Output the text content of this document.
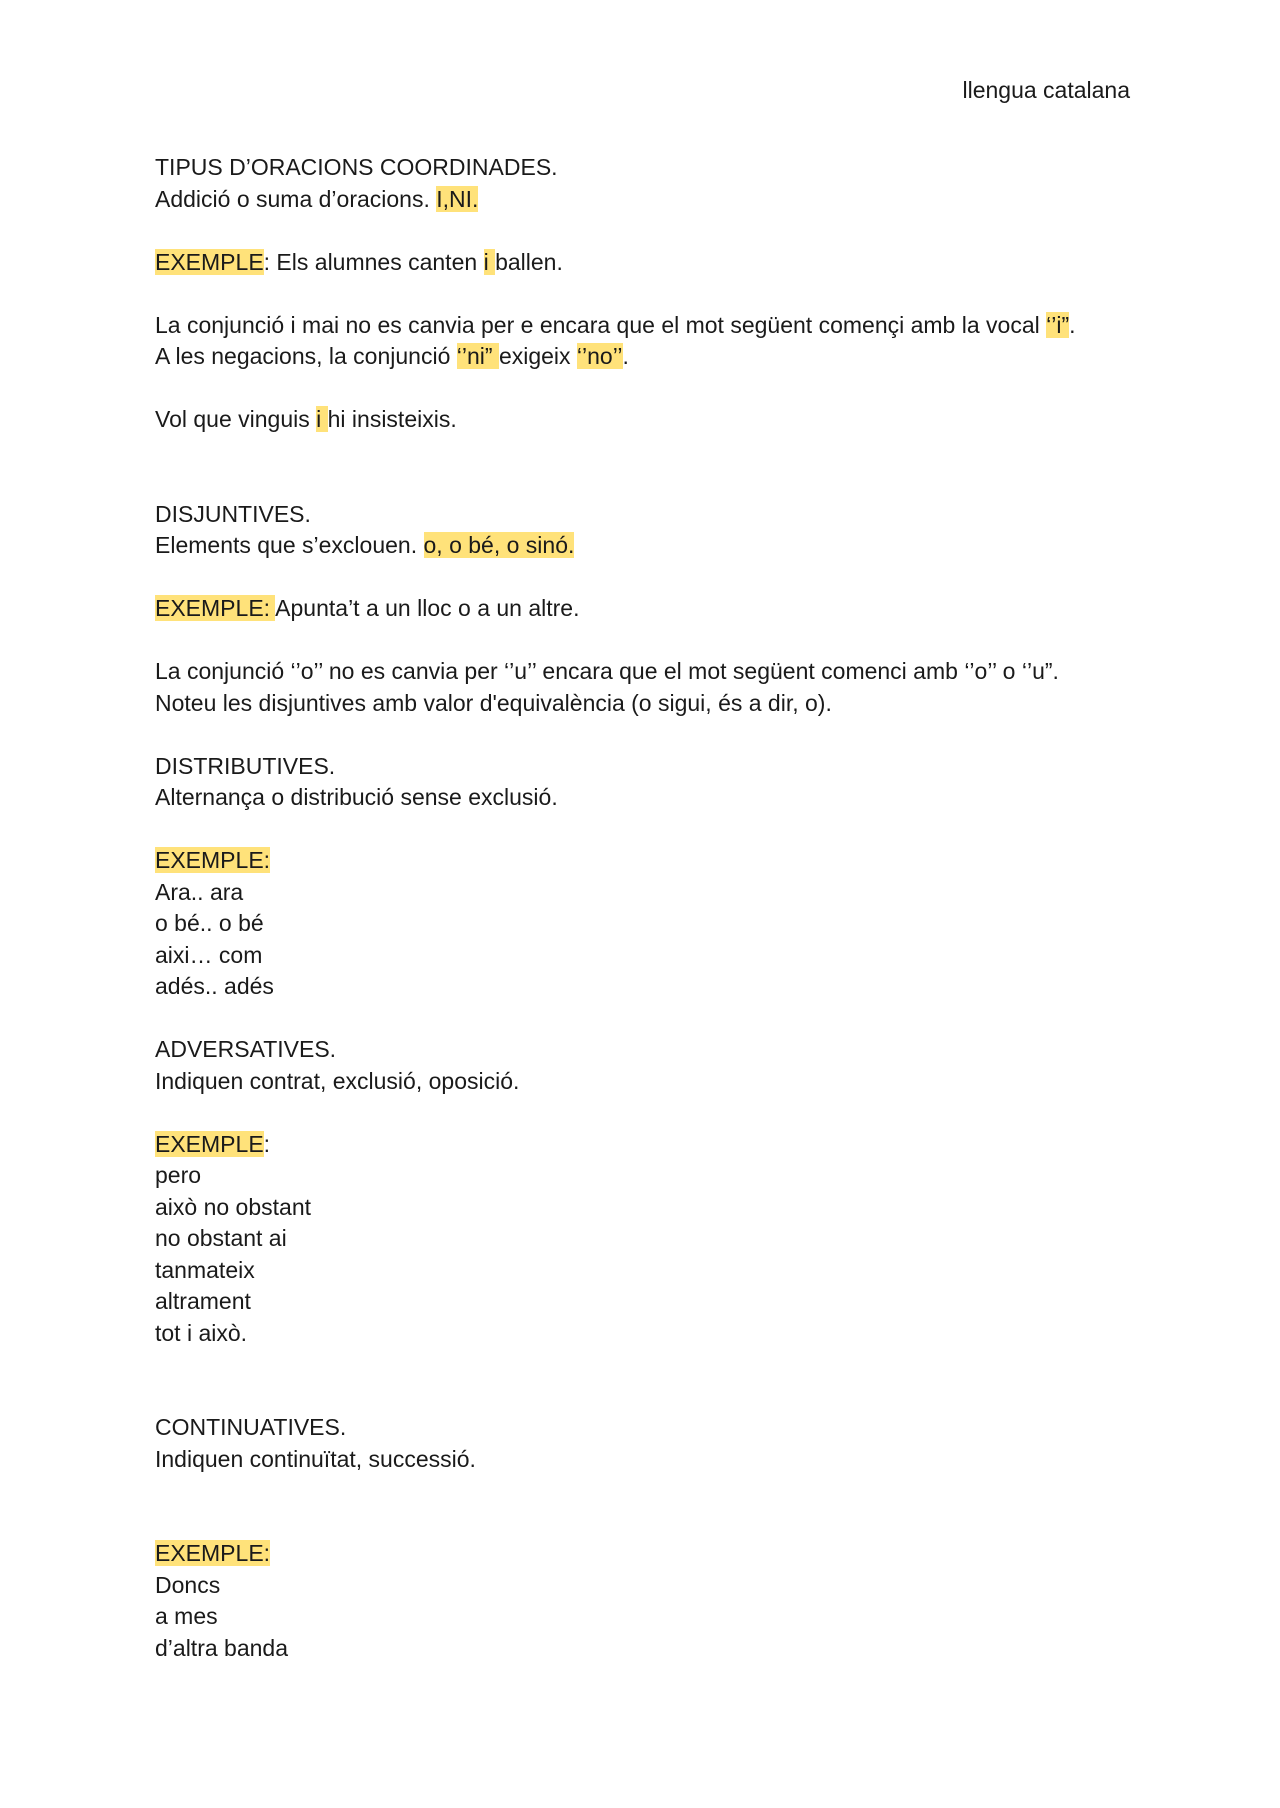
llengua catalana
TIPUS D’ORACIONS COORDINADES.
Addició o suma d’oracions. I,NI.
EXEMPLE: Els alumnes canten i ballen.
La conjunció i mai no es canvia per e encara que el mot següent començi amb la vocal ‘’i”.
A les negacions, la conjunció ‘’ni” exigeix ‘’no’’.
Vol que vinguis i hi insisteixis.
DISJUNTIVES.
Elements que s’exclouen. o, o bé, o sinó.
EXEMPLE: Apunta’t a un lloc o a un altre.
La conjunció ‘’o’’ no es canvia per ‘’u’’ encara que el mot següent comenci amb ‘’o’’ o ‘’u”.
Noteu les disjuntives amb valor d'equivalència (o sigui, és a dir, o).
DISTRIBUTIVES.
Alternança o distribució sense exclusió.
EXEMPLE:
Ara.. ara
o bé.. o bé
aixi… com
adés.. adés
ADVERSATIVES.
Indiquen contrat, exclusió, oposició.
EXEMPLE:
pero
això no obstant
no obstant ai
tanmateix
altrament
tot i això.
CONTINUATIVES.
Indiquen continuïtat, successió.
EXEMPLE:
Doncs
a mes
d’altra banda
